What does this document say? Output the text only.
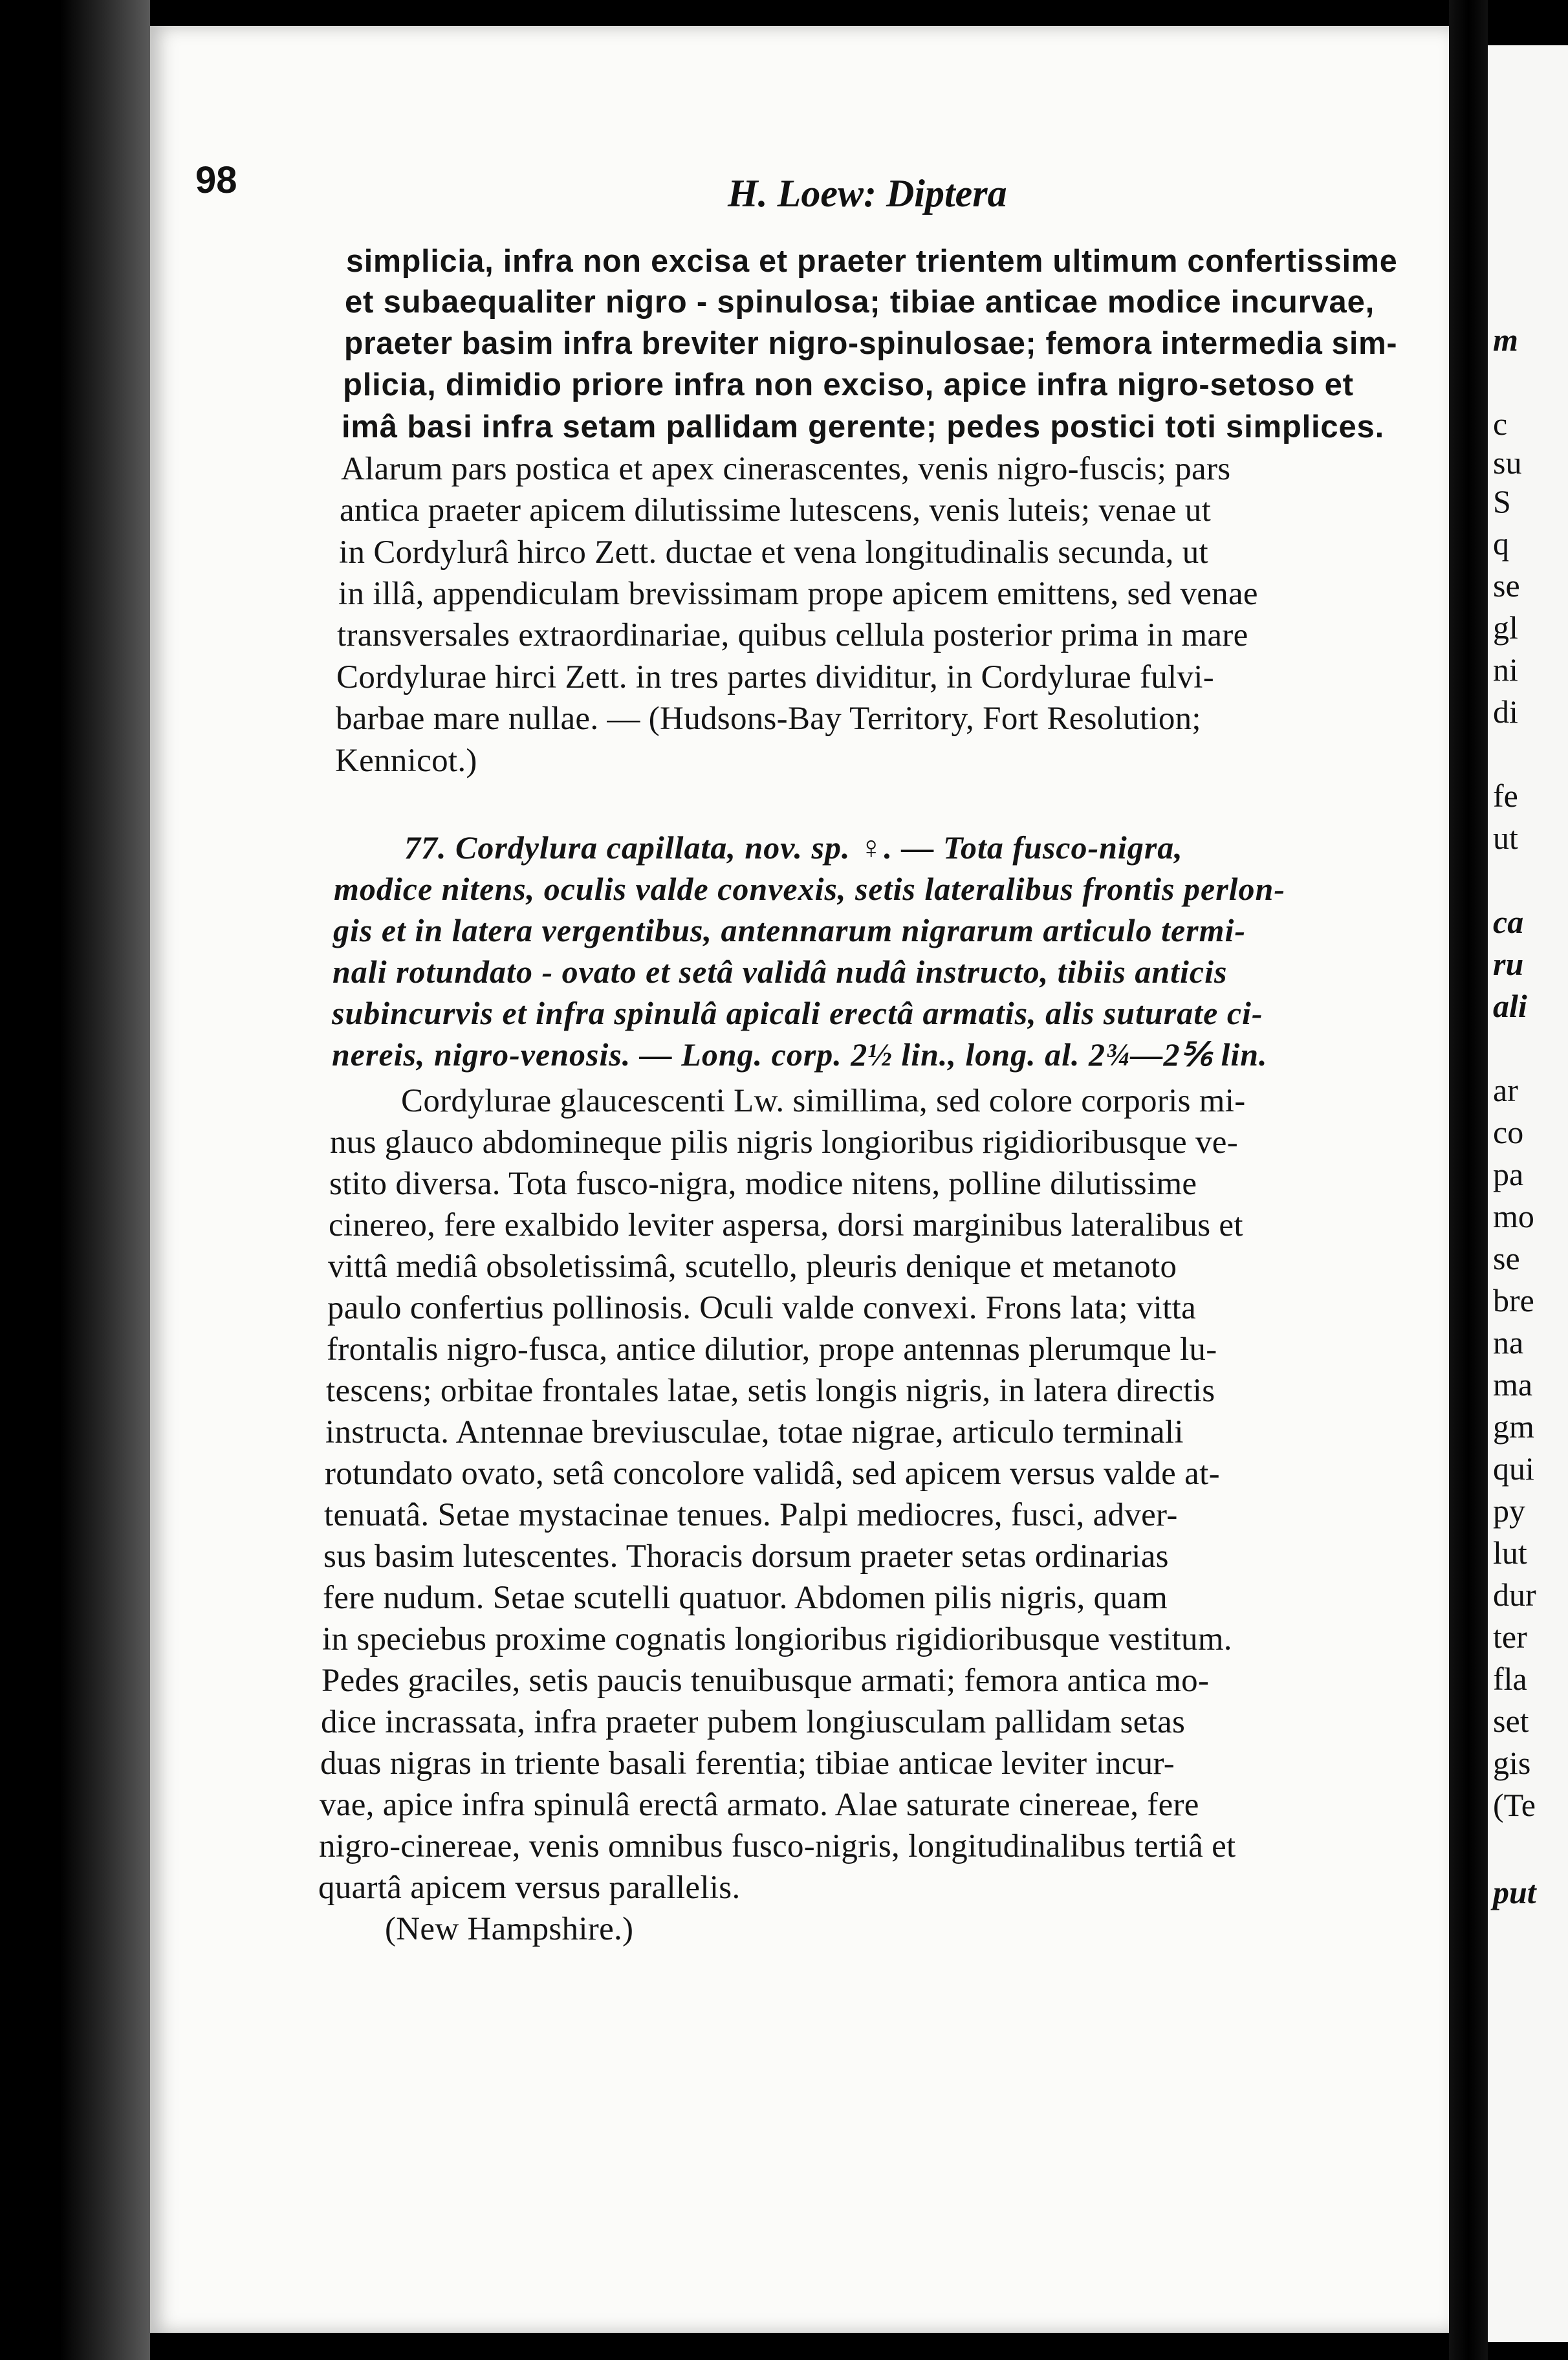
98	H. Loew: Diptera
simplicia, infra non excisa et praeter trientem ultimum confertissime
et subaequaliter nigro - spinulosa; tibiae anticae modice incurvae,
praeter basim infra breviter nigro-spinulosae; femora intermedia sim-
plicia, dimidio priore infra non exciso, apice infra nigro-setoso et
imâ basi infra setam pallidam gerente; pedes postici toti simplices.
Alarum pars postica et apex cinerascentes, venis nigro-fuscis; pars
antica praeter apicem dilutissime lutescens, venis luteis; venae ut
in Cordylurâ hirco Zett. ductae et vena longitudinalis secunda, ut
in illâ, appendiculam brevissimam prope apicem emittens, sed venae
transversales extraordinariae, quibus cellula posterior prima in mare
Cordylurae hirci Zett. in tres partes dividitur, in Cordylurae fulvi-
barbae mare nullae. — (Hudsons-Bay Territory, Fort Resolution;
Kennicot.)
77. Cordylura capillata, nov. sp. ♀. — Tota fusco-nigra,
modice nitens, oculis valde convexis, setis lateralibus frontis perlon-
gis et in latera vergentibus, antennarum nigrarum articulo termi-
nali rotundato - ovato et setâ validâ nudâ instructo, tibiis anticis
subincurvis et infra spinulâ apicali erectâ armatis, alis suturate ci-
nereis, nigro-venosis. — Long. corp. 2½ lin., long. al. 2¾—2⅚ lin.
Cordylurae glaucescenti Lw. simillima, sed colore corporis mi-
nus glauco abdomineque pilis nigris longioribus rigidioribusque ve-
stito diversa. Tota fusco-nigra, modice nitens, polline dilutissime
cinereo, fere exalbido leviter aspersa, dorsi marginibus lateralibus et
vittâ mediâ obsoletissimâ, scutello, pleuris denique et metanoto
paulo confertius pollinosis. Oculi valde convexi. Frons lata; vitta
frontalis nigro-fusca, antice dilutior, prope antennas plerumque lu-
tescens; orbitae frontales latae, setis longis nigris, in latera directis
instructa. Antennae breviusculae, totae nigrae, articulo terminali
rotundato ovato, setâ concolore validâ, sed apicem versus valde at-
tenuatâ. Setae mystacinae tenues. Palpi mediocres, fusci, adver-
sus basim lutescentes. Thoracis dorsum praeter setas ordinarias
fere nudum. Setae scutelli quatuor. Abdomen pilis nigris, quam
in speciebus proxime cognatis longioribus rigidioribusque vestitum.
Pedes graciles, setis paucis tenuibusque armati; femora antica mo-
dice incrassata, infra praeter pubem longiusculam pallidam setas
duas nigras in triente basali ferentia; tibiae anticae leviter incur-
vae, apice infra spinulâ erectâ armato. Alae saturate cinereae, fere
nigro-cinereae, venis omnibus fusco-nigris, longitudinalibus tertiâ et
quartâ apicem versus parallelis.
(New Hampshire.)
m
c
su
S
q
se
gl
ni
di
fe
ut
ca
ru
ali
ar
co
pa
mo
se
bre
na
ma
gm
qui
py
lut
dur
ter
fla
set
gis
(Te
put
